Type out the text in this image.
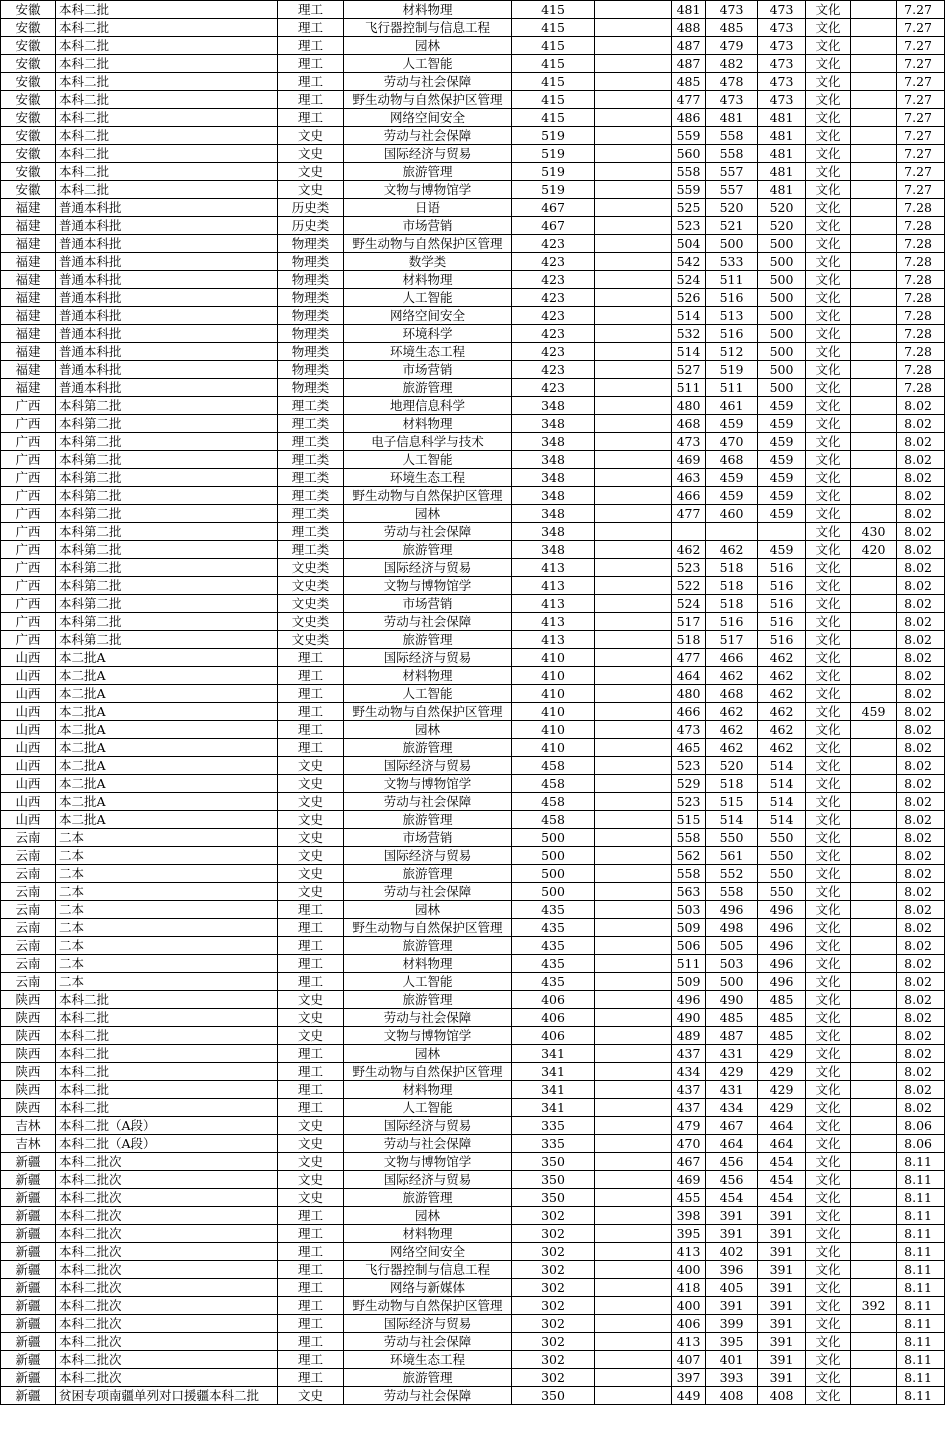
安徽	本科二批	理工	材料物理	415		481	473	473	文化		7.27
安徽	本科二批	理工	飞行器控制与信息工程	415		488	485	473	文化		7.27
安徽	本科二批	理工	园林	415		487	479	473	文化		7.27
安徽	本科二批	理工	人工智能	415		487	482	473	文化		7.27
安徽	本科二批	理工	劳动与社会保障	415		485	478	473	文化		7.27
安徽	本科二批	理工	野生动物与自然保护区管理	415		477	473	473	文化		7.27
安徽	本科二批	理工	网络空间安全	415		486	481	481	文化		7.27
安徽	本科二批	文史	劳动与社会保障	519		559	558	481	文化		7.27
安徽	本科二批	文史	国际经济与贸易	519		560	558	481	文化		7.27
安徽	本科二批	文史	旅游管理	519		558	557	481	文化		7.27
安徽	本科二批	文史	文物与博物馆学	519		559	557	481	文化		7.27
福建	普通本科批	历史类	日语	467		525	520	520	文化		7.28
福建	普通本科批	历史类	市场营销	467		523	521	520	文化		7.28
福建	普通本科批	物理类	野生动物与自然保护区管理	423		504	500	500	文化		7.28
福建	普通本科批	物理类	数学类	423		542	533	500	文化		7.28
福建	普通本科批	物理类	材料物理	423		524	511	500	文化		7.28
福建	普通本科批	物理类	人工智能	423		526	516	500	文化		7.28
福建	普通本科批	物理类	网络空间安全	423		514	513	500	文化		7.28
福建	普通本科批	物理类	环境科学	423		532	516	500	文化		7.28
福建	普通本科批	物理类	环境生态工程	423		514	512	500	文化		7.28
福建	普通本科批	物理类	市场营销	423		527	519	500	文化		7.28
福建	普通本科批	物理类	旅游管理	423		511	511	500	文化		7.28
广西	本科第二批	理工类	地理信息科学	348		480	461	459	文化		8.02
广西	本科第二批	理工类	材料物理	348		468	459	459	文化		8.02
广西	本科第二批	理工类	电子信息科学与技术	348		473	470	459	文化		8.02
广西	本科第二批	理工类	人工智能	348		469	468	459	文化		8.02
广西	本科第二批	理工类	环境生态工程	348		463	459	459	文化		8.02
广西	本科第二批	理工类	野生动物与自然保护区管理	348		466	459	459	文化		8.02
广西	本科第二批	理工类	园林	348		477	460	459	文化		8.02
广西	本科第二批	理工类	劳动与社会保障	348					文化	430	8.02
广西	本科第二批	理工类	旅游管理	348		462	462	459	文化	420	8.02
广西	本科第二批	文史类	国际经济与贸易	413		523	518	516	文化		8.02
广西	本科第二批	文史类	文物与博物馆学	413		522	518	516	文化		8.02
广西	本科第二批	文史类	市场营销	413		524	518	516	文化		8.02
广西	本科第二批	文史类	劳动与社会保障	413		517	516	516	文化		8.02
广西	本科第二批	文史类	旅游管理	413		518	517	516	文化		8.02
山西	本二批A	理工	国际经济与贸易	410		477	466	462	文化		8.02
山西	本二批A	理工	材料物理	410		464	462	462	文化		8.02
山西	本二批A	理工	人工智能	410		480	468	462	文化		8.02
山西	本二批A	理工	野生动物与自然保护区管理	410		466	462	462	文化	459	8.02
山西	本二批A	理工	园林	410		473	462	462	文化		8.02
山西	本二批A	理工	旅游管理	410		465	462	462	文化		8.02
山西	本二批A	文史	国际经济与贸易	458		523	520	514	文化		8.02
山西	本二批A	文史	文物与博物馆学	458		529	518	514	文化		8.02
山西	本二批A	文史	劳动与社会保障	458		523	515	514	文化		8.02
山西	本二批A	文史	旅游管理	458		515	514	514	文化		8.02
云南	二本	文史	市场营销	500		558	550	550	文化		8.02
云南	二本	文史	国际经济与贸易	500		562	561	550	文化		8.02
云南	二本	文史	旅游管理	500		558	552	550	文化		8.02
云南	二本	文史	劳动与社会保障	500		563	558	550	文化		8.02
云南	二本	理工	园林	435		503	496	496	文化		8.02
云南	二本	理工	野生动物与自然保护区管理	435		509	498	496	文化		8.02
云南	二本	理工	旅游管理	435		506	505	496	文化		8.02
云南	二本	理工	材料物理	435		511	503	496	文化		8.02
云南	二本	理工	人工智能	435		509	500	496	文化		8.02
陕西	本科二批	文史	旅游管理	406		496	490	485	文化		8.02
陕西	本科二批	文史	劳动与社会保障	406		490	485	485	文化		8.02
陕西	本科二批	文史	文物与博物馆学	406		489	487	485	文化		8.02
陕西	本科二批	理工	园林	341		437	431	429	文化		8.02
陕西	本科二批	理工	野生动物与自然保护区管理	341		434	429	429	文化		8.02
陕西	本科二批	理工	材料物理	341		437	431	429	文化		8.02
陕西	本科二批	理工	人工智能	341		437	434	429	文化		8.02
吉林	本科二批（A段）	文史	国际经济与贸易	335		479	467	464	文化		8.06
吉林	本科二批（A段）	文史	劳动与社会保障	335		470	464	464	文化		8.06
新疆	本科二批次	文史	文物与博物馆学	350		467	456	454	文化		8.11
新疆	本科二批次	文史	国际经济与贸易	350		469	456	454	文化		8.11
新疆	本科二批次	文史	旅游管理	350		455	454	454	文化		8.11
新疆	本科二批次	理工	园林	302		398	391	391	文化		8.11
新疆	本科二批次	理工	材料物理	302		395	391	391	文化		8.11
新疆	本科二批次	理工	网络空间安全	302		413	402	391	文化		8.11
新疆	本科二批次	理工	飞行器控制与信息工程	302		400	396	391	文化		8.11
新疆	本科二批次	理工	网络与新媒体	302		418	405	391	文化		8.11
新疆	本科二批次	理工	野生动物与自然保护区管理	302		400	391	391	文化	392	8.11
新疆	本科二批次	理工	国际经济与贸易	302		406	399	391	文化		8.11
新疆	本科二批次	理工	劳动与社会保障	302		413	395	391	文化		8.11
新疆	本科二批次	理工	环境生态工程	302		407	401	391	文化		8.11
新疆	本科二批次	理工	旅游管理	302		397	393	391	文化		8.11
新疆	贫困专项南疆单列对口援疆本科二批	文史	劳动与社会保障	350		449	408	408	文化		8.11
